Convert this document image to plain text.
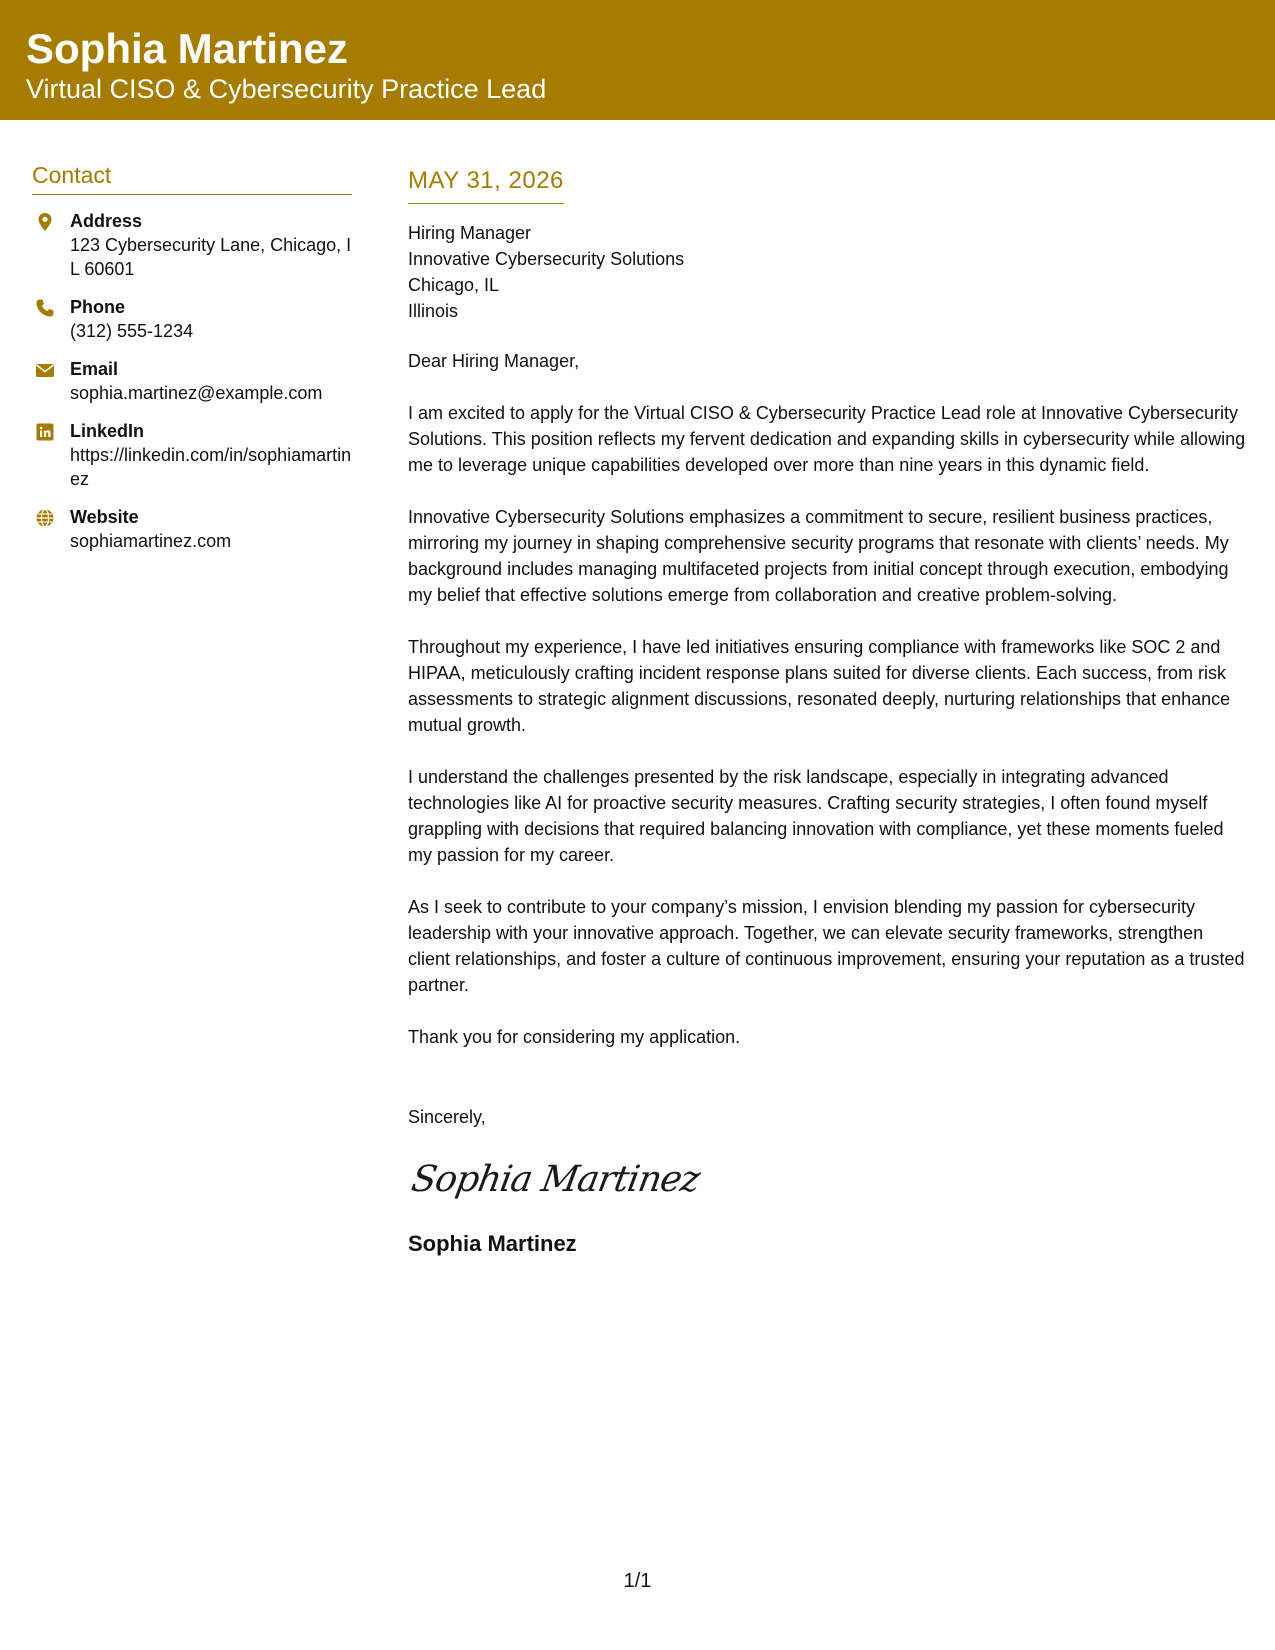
Sophia Martinez
Virtual CISO & Cybersecurity Practice Lead
Contact
Address
123 Cybersecurity Lane, Chicago, IL 60601
Phone
(312) 555-1234
Email
sophia.martinez@example.com
LinkedIn
https://linkedin.com/in/sophiamartinez
Website
sophiamartinez.com
MAY 31, 2026
Hiring Manager
Innovative Cybersecurity Solutions
Chicago, IL
Illinois

Dear Hiring Manager,

I am excited to apply for the Virtual CISO & Cybersecurity Practice Lead role at Innovative Cybersecurity Solutions. This position reflects my fervent dedication and expanding skills in cybersecurity while allowing me to leverage unique capabilities developed over more than nine years in this dynamic field.

Innovative Cybersecurity Solutions emphasizes a commitment to secure, resilient business practices, mirroring my journey in shaping comprehensive security programs that resonate with clients’ needs. My background includes managing multifaceted projects from initial concept through execution, embodying my belief that effective solutions emerge from collaboration and creative problem-solving.

Throughout my experience, I have led initiatives ensuring compliance with frameworks like SOC 2 and HIPAA, meticulously crafting incident response plans suited for diverse clients. Each success, from risk assessments to strategic alignment discussions, resonated deeply, nurturing relationships that enhance mutual growth.

I understand the challenges presented by the risk landscape, especially in integrating advanced technologies like AI for proactive security measures. Crafting security strategies, I often found myself grappling with decisions that required balancing innovation with compliance, yet these moments fueled my passion for my career.

As I seek to contribute to your company’s mission, I envision blending my passion for cybersecurity leadership with your innovative approach. Together, we can elevate security frameworks, strengthen client relationships, and foster a culture of continuous improvement, ensuring your reputation as a trusted partner.

Thank you for considering my application.

Sincerely,

Sophia Martinez
Sophia Martinez
1/1
